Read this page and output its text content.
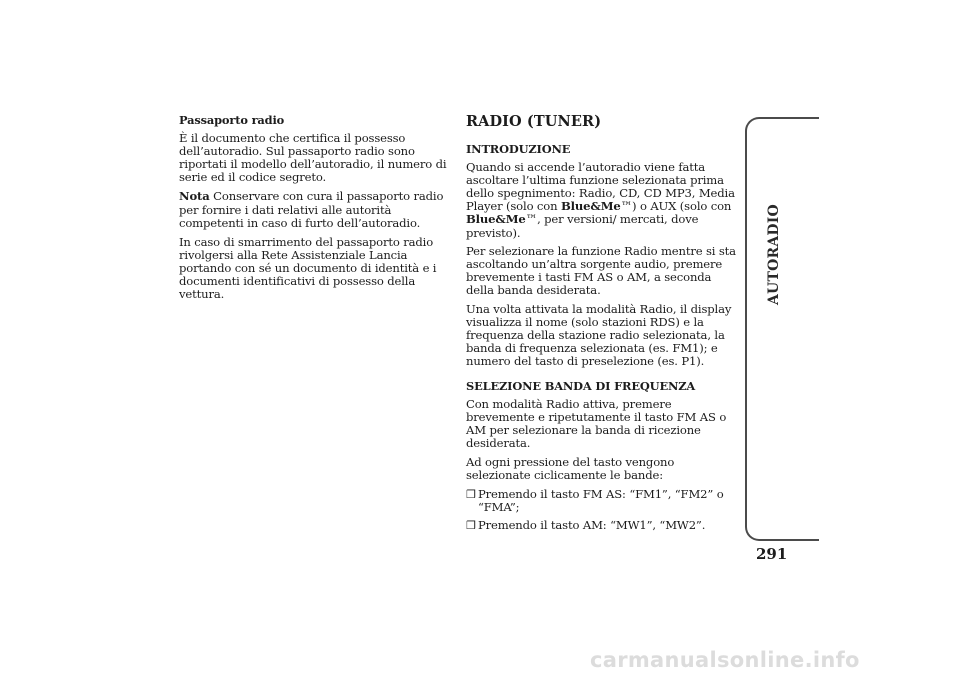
Passaporto radio

È il documento che certifica il possesso dell’autoradio. Sul passaporto radio sono riportati il modello dell’autoradio, il numero di serie ed il codice segreto.

Nota Conservare con cura il passaporto radio per fornire i dati relativi alle autorità competenti in caso di furto dell’autoradio.

In caso di smarrimento del passaporto radio rivolgersi alla Rete Assistenziale Lancia portando con sé un documento di identità e i documenti identificativi di possesso della vettura.

RADIO (TUNER)
INTRODUZIONE

Quando si accende l’autoradio viene fatta ascoltare l’ultima funzione selezionata prima dello spegnimento: Radio, CD, CD MP3, Media Player (solo con Blue&Me™) o AUX (solo con Blue&Me™, per versioni/ mercati, dove previsto).

Per selezionare la funzione Radio mentre si sta ascoltando un’altra sorgente audio, premere brevemente i tasti FM AS o AM, a seconda della banda desiderata.

Una volta attivata la modalità Radio, il display visualizza il nome (solo stazioni RDS) e la frequenza della stazione radio selezionata, la banda di frequenza selezionata (es. FM1); e numero del tasto di preselezione (es. P1).

SELEZIONE BANDA DI FREQUENZA

Con modalità Radio attiva, premere brevemente e ripetutamente il tasto FM AS o AM per selezionare la banda di ricezione desiderata.

Ad ogni pressione del tasto vengono selezionate ciclicamente le bande:

❒ Premendo il tasto FM AS: “FM1”, “FM2” o “FMA”;
❒ Premendo il tasto AM: “MW1”, “MW2”.
AUTORADIO
291
carmanualsonline.info
